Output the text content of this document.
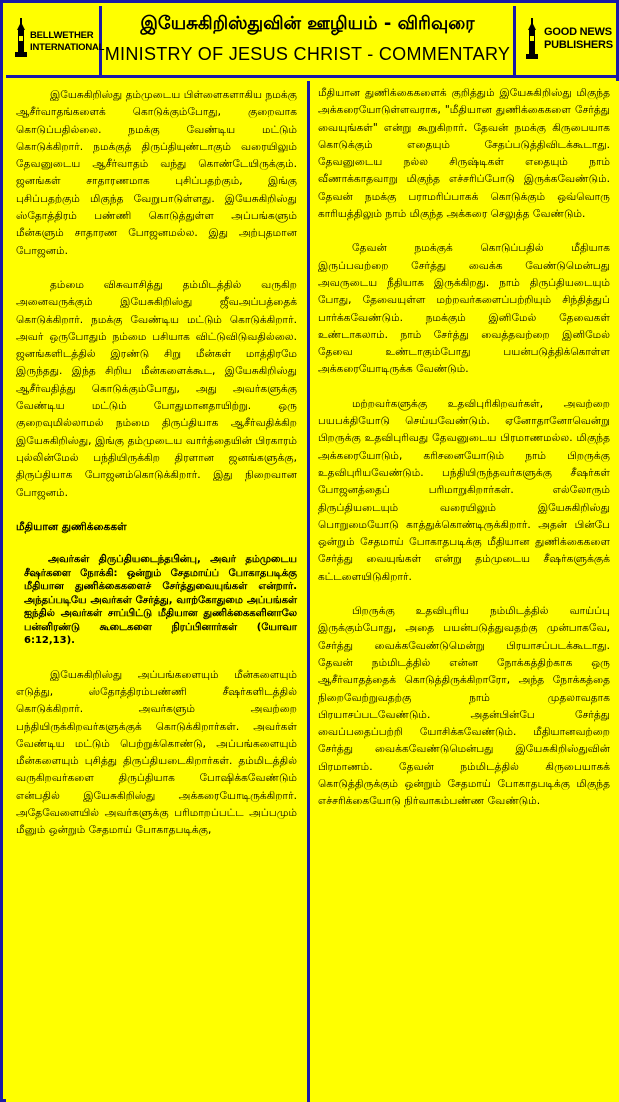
BELLWETHER
INTERNATIONAL
இயேசுகிறிஸ்துவின் ஊழியம் - விரிவுரை
MINISTRY OF JESUS CHRIST - COMMENTARY
GOOD NEWS
PUBLISHERS

இயேசுகிறிஸ்து தம்முடைய பிள்ளைகளாகிய நமக்கு ஆசீர்வாதங்களைக் கொடுக்கும்போது, குறைவாக கொடுப்பதில்லை. நமக்கு வேண்டிய மட்டும் கொடுக்கிறார். நமக்குத் திருப்தியுண்டாகும் வரையிலும் தேவனுடைய ஆசீர்வாதம் வந்து கொண்டேயிருக்கும். ஜனங்கள் சாதாரணமாக புசிப்பதற்கும், இங்கு புசிப்பதற்கும் மிகுந்த வேறுபாடுள்ளது. இயேசுகிறிஸ்து ஸ்தோத்திரம் பண்ணி கொடுத்துள்ள அப்பங்களும் மீன்களும் சாதாரண போஜனமல்ல. இது அற்புதமான போஜனம்.

தம்மை விசுவாசித்து தம்மிடத்தில் வருகிற அனைவருக்கும் இயேசுகிறிஸ்து ஜீவஅப்பத்தைக் கொடுக்கிறார். நமக்கு வேண்டிய மட்டும் கொடுக்கிறார். அவர் ஒருபோதும் நம்மை பசியாக விட்டுவிடுவதில்லை. ஜனங்களிடத்தில் இரண்டு சிறு மீன்கள் மாத்திரமே இருந்தது. இந்த சிறிய மீன்களைக்கூட, இயேசுகிறிஸ்து ஆசீர்வதித்து கொடுக்கும்போது, அது அவர்களுக்கு வேண்டிய மட்டும் போதுமானதாயிற்று. ஒரு குறைவுமில்லாமல் நம்மை திருப்தியாக ஆசீர்வதிக்கிற இயேசுகிறிஸ்து, இங்கு தம்முடைய வார்த்தையின் பிரகாரம் புல்லின்மேல் பந்தியிருக்கிற திரளான ஜனங்களுக்கு, திருப்தியாக போஜனம்கொடுக்கிறார். இது நிறைவான போஜனம்.

மீதியான துணிக்கைகள்
அவர்கள் திருப்தியடைந்தபின்பு, அவர் தம்முடைய சீஷர்களை நோக்கி: ஒன்றும் சேதமாய்ப் போகாதபடிக்கு மீதியான துணிக்கைகளைச் சேர்த்துவையுங்கள் என்றார். அந்தப்படியே அவர்கள் சேர்த்து, வாற்கோதுமை அப்பங்கள் ஐந்தில் அவர்கள் சாப்பிட்டு மீதியான துணிக்கைகளினாலே பன்னிரண்டு கூடைகளை நிரப்பினார்கள் (யோவா 6:12,13).

இயேசுகிறிஸ்து அப்பங்களையும் மீன்களையும் எடுத்து, ஸ்தோத்திரம்பண்ணி சீஷர்களிடத்தில் கொடுக்கிறார். அவர்களும் அவற்றை பந்தியிருக்கிறவர்களுக்குக் கொடுக்கிறார்கள். அவர்கள் வேண்டிய மட்டும் பெற்றுக்கொண்டு, அப்பங்களையும் மீன்களையும் புசித்து திருப்தியடைகிறார்கள். தம்மிடத்தில் வருகிறவர்களை திருப்தியாக போஷிக்கவேண்டும் என்பதில் இயேசுகிறிஸ்து அக்கரையோடிருக்கிறார். அதேவேளையில் அவர்களுக்கு பரிமாறப்பட்ட அப்பமும் மீனும் ஒன்றும் சேதமாய் போகாதபடிக்கு,

மீதியான துணிக்கைகளைக் குறித்தும் இயேசுகிறிஸ்து மிகுந்த அக்கரையோடுள்ளவராக, "மீதியான துணிக்கைகளை சேர்த்து வையுங்கள்" என்று கூறுகிறார். தேவன் நமக்கு கிருபையாக கொடுக்கும் எதையும் சேதப்படுத்திவிடக்கூடாது. தேவனுடைய நல்ல சிருஷ்டிகள் எதையும் நாம் வீணாக்காதவாறு மிகுந்த எச்சரிப்போடு இருக்கவேண்டும். தேவன் நமக்கு பராமரிப்பாகக் கொடுக்கும் ஒவ்வொரு காரியத்திலும் நாம் மிகுந்த அக்கரை செலுத்த வேண்டும்.

தேவன் நமக்குக் கொடுப்பதில் மீதியாக இருப்பவற்றை சேர்த்து வைக்க வேண்டுமென்பது அவருடைய நீதியாக இருக்கிறது. நாம் திருப்தியடையும் போது, தேவையுள்ள மற்றவர்களைப்பற்றியும் சிந்தித்துப் பார்க்கவேண்டும். நமக்கும் இனிமேல் தேவைகள் உண்டாகலாம். நாம் சேர்த்து வைத்தவற்றை இனிமேல் தேவை உண்டாகும்போது பயன்படுத்திக்கொள்ள அக்கரையோடிருக்க வேண்டும்.

மற்றவர்களுக்கு உதவிபுரிகிறவர்கள், அவற்றை பயபக்தியோடு செய்யவேண்டும். ஏனோதானோவென்று பிறருக்கு உதவிபுரிவது தேவனுடைய பிரமாணமல்ல. மிகுந்த அக்கரையோடும், கரிசனையோடும் நாம் பிறருக்கு உதவிபுரியவேண்டும். பந்தியிருந்தவர்களுக்கு சீஷர்கள் போஜனத்தைப் பரிமாறுகிறார்கள். எல்லோரும் திருப்தியடையும் வரையிலும் இயேசுகிறிஸ்து பொறுமையோடு காத்துக்கொண்டிருக்கிறார். அதன் பின்பே ஒன்றும் சேதமாய் போகாதபடிக்கு மீதியான துணிக்கைகளை சேர்த்து வையுங்கள் என்று தம்முடைய சீஷர்களுக்குக் கட்டளையிடுகிறார்.

பிறருக்கு உதவிபுரிய நம்மிடத்தில் வாய்ப்பு இருக்கும்போது, அதை பயன்படுத்துவதற்கு முன்பாகவே, சேர்த்து வைக்கவேண்டுமென்று பிரயாசப்படக்கூடாது. தேவன் நம்மிடத்தில் என்ன நோக்கத்திற்காக ஒரு ஆசீர்வாதத்தைக் கொடுத்திருக்கிறாரோ, அந்த நோக்கத்தை நிறைவேற்றுவதற்கு நாம் முதலாவதாக பிரயாசப்படவேண்டும். அதன்பின்பே சேர்த்து வைப்பதைப்பற்றி யோசிக்கவேண்டும். மீதியானவற்றை சேர்த்து வைக்கவேண்டுமென்பது இயேசுகிறிஸ்துவின் பிரமாணம். தேவன் நம்மிடத்தில் கிருபையாகக் கொடுத்திருக்கும் ஒன்றும் சேதமாய் போகாதபடிக்கு மிகுந்த எச்சரிக்கையோடு நிர்வாகம்பண்ண வேண்டும்.
